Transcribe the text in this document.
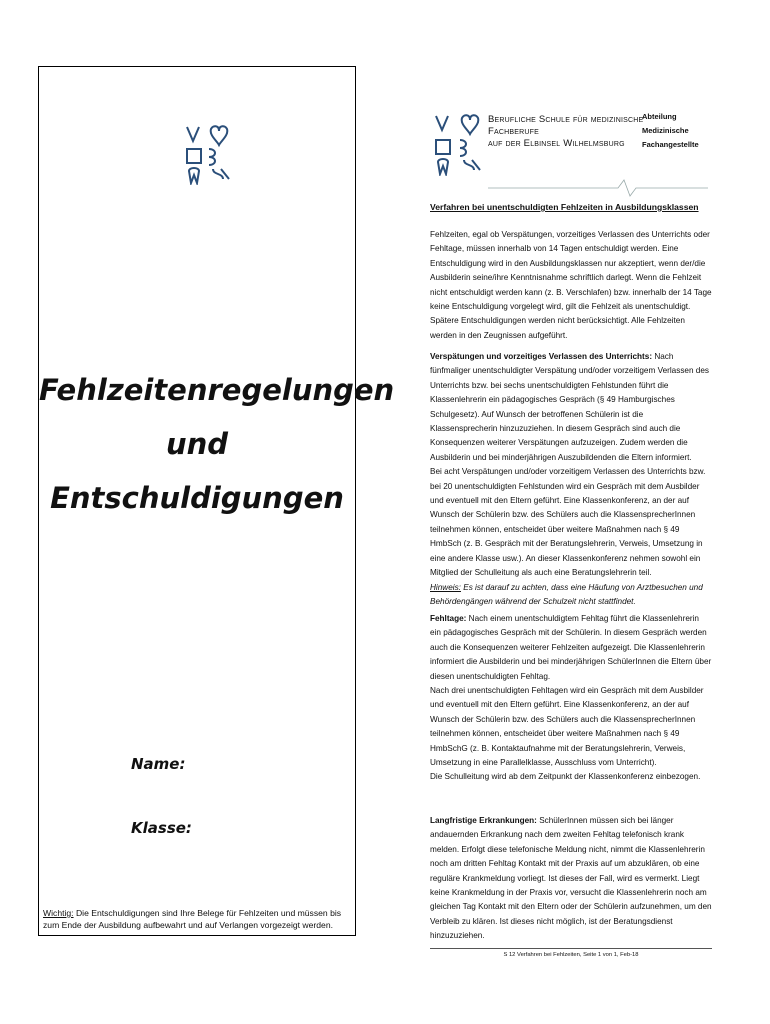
Fehlzeitenregelungen
und
Entschuldigungen
Name:
Klasse:
Wichtig: Die Entschuldigungen sind Ihre Belege für Fehlzeiten und müssen bis zum Ende der Ausbildung aufbewahrt und auf Verlangen vorgezeigt werden.
Berufliche Schule für medizinische Fachberufe
auf der Elbinsel Wilhelmsburg
Abteilung
Medizinische
Fachangestellte
Verfahren bei unentschuldigten Fehlzeiten in Ausbildungsklassen
Fehlzeiten, egal ob Verspätungen, vorzeitiges Verlassen des Unterrichts oder Fehltage, müssen innerhalb von 14 Tagen entschuldigt werden. Eine Entschuldigung wird in den Ausbildungsklassen nur akzeptiert, wenn der/die Ausbilderin seine/ihre Kenntnisnahme schriftlich darlegt. Wenn die Fehlzeit nicht entschuldigt werden kann (z. B. Verschlafen) bzw. innerhalb der 14 Tage keine Entschuldigung vorgelegt wird, gilt die Fehlzeit als unentschuldigt. Spätere Entschuldigungen werden nicht berücksichtigt. Alle Fehlzeiten werden in den Zeugnissen aufgeführt.
Verspätungen und vorzeitiges Verlassen des Unterrichts: Nach fünfmaliger unentschuldigter Verspätung und/oder vorzeitigem Verlassen des Unterrichts bzw. bei sechs unentschuldigten Fehlstunden führt die Klassenlehrerin ein pädagogisches Gespräch (§ 49 Hamburgisches Schulgesetz). Auf Wunsch der betroffenen Schülerin ist die Klassensprecherin hinzuzuziehen. In diesem Gespräch sind auch die Konsequenzen weiterer Verspätungen aufzuzeigen. Zudem werden die Ausbilderin und bei minderjährigen Auszubildenden die Eltern informiert.
Bei acht Verspätungen und/oder vorzeitigem Verlassen des Unterrichts bzw. bei 20 unentschuldigten Fehlstunden wird ein Gespräch mit dem Ausbilder und eventuell mit den Eltern geführt. Eine Klassenkonferenz, an der auf Wunsch der Schülerin bzw. des Schülers auch die KlassensprecherInnen teilnehmen können, entscheidet über weitere Maßnahmen nach § 49 HmbSch (z. B. Gespräch mit der Beratungslehrerin, Verweis, Umsetzung in eine andere Klasse usw.). An dieser Klassenkonferenz nehmen sowohl ein Mitglied der Schulleitung als auch eine Beratungslehrerin teil.
Hinweis: Es ist darauf zu achten, dass eine Häufung von Arztbesuchen und Behördengängen während der Schulzeit nicht stattfindet.
Fehltage: Nach einem unentschuldigtem Fehltag führt die Klassenlehrerin ein pädagogisches Gespräch mit der Schülerin. In diesem Gespräch werden auch die Konsequenzen weiterer Fehlzeiten aufgezeigt. Die Klassenlehrerin informiert die Ausbilderin und bei minderjährigen SchülerInnen die Eltern über diesen unentschuldigten Fehltag.
Nach drei unentschuldigten Fehltagen wird ein Gespräch mit dem Ausbilder und eventuell mit den Eltern geführt. Eine Klassenkonferenz, an der auf Wunsch der Schülerin bzw. des Schülers auch die KlassensprecherInnen teilnehmen können, entscheidet über weitere Maßnahmen nach § 49 HmbSchG (z. B. Kontaktaufnahme mit der Beratungslehrerin, Verweis, Umsetzung in eine Parallelklasse, Ausschluss vom Unterricht).
Die Schulleitung wird ab dem Zeitpunkt der Klassenkonferenz einbezogen.
Langfristige Erkrankungen: SchülerInnen müssen sich bei länger andauernden Erkrankung nach dem zweiten Fehltag telefonisch krank melden. Erfolgt diese telefonische Meldung nicht, nimmt die Klassenlehrerin noch am dritten Fehltag Kontakt mit der Praxis auf um abzuklären, ob eine reguläre Krankmeldung vorliegt. Ist dieses der Fall, wird es vermerkt. Liegt keine Krankmeldung in der Praxis vor, versucht die Klassenlehrerin noch am gleichen Tag Kontakt mit den Eltern oder der Schülerin aufzunehmen, um den Verbleib zu klären. Ist dieses nicht möglich, ist der Beratungsdienst hinzuzuziehen.
S 12 Verfahren bei Fehlzeiten, Seite 1 von 1, Feb-18
